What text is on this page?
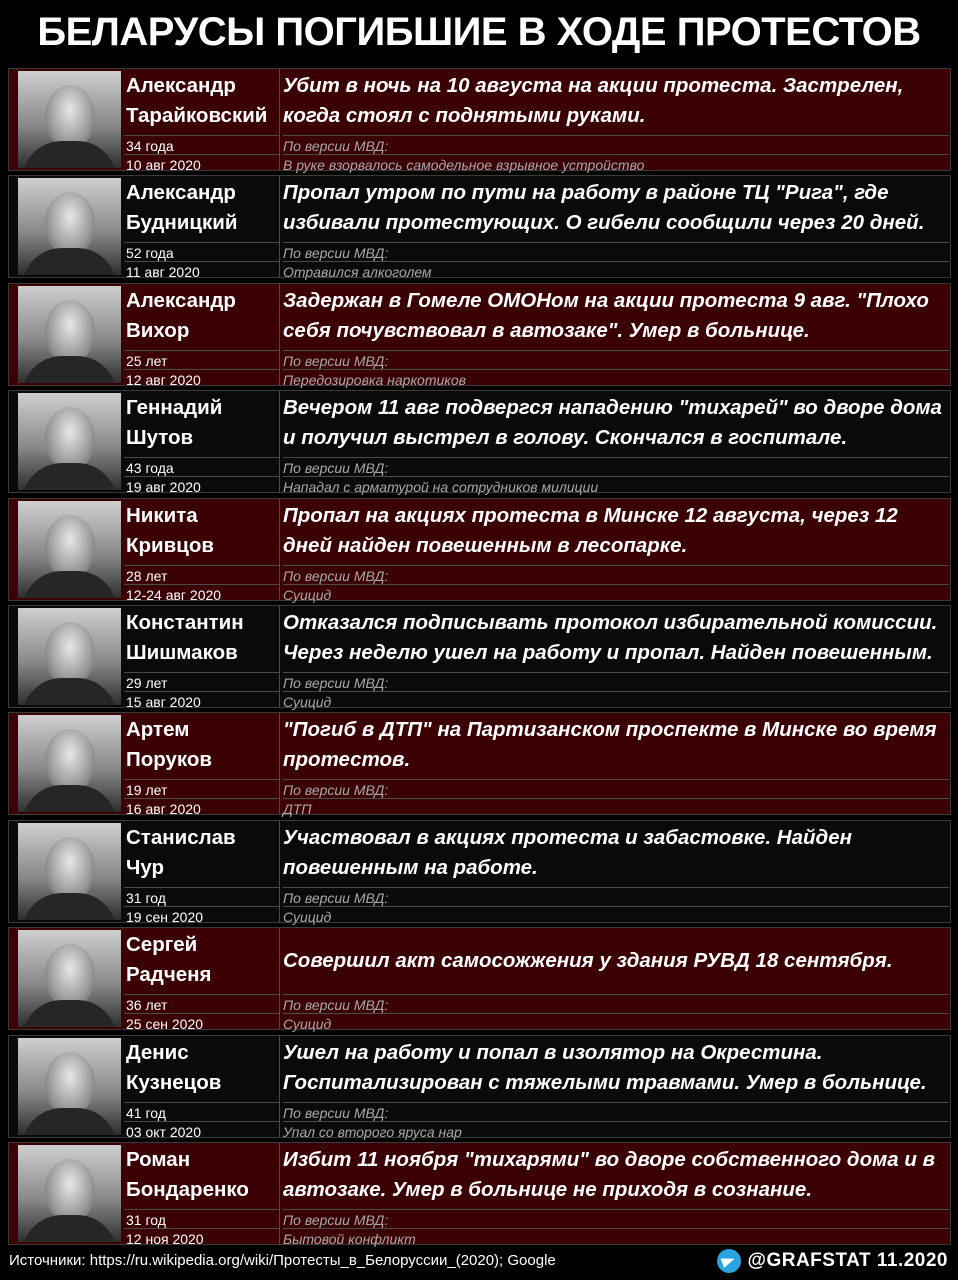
БЕЛАРУСЫ ПОГИБШИЕ В ХОДЕ ПРОТЕСТОВ
Александр
Тарайковский
34 года
10 авг 2020
Убит в ночь на 10 августа на акции протеста. Застрелен, когда стоял с поднятыми руками.
По версии МВД:
В руке взорвалось самодельное взрывное устройство
Александр
Будницкий
52 года
11 авг 2020
Пропал утром по пути на работу в районе ТЦ "Рига", где избивали протестующих. О гибели сообщили через 20 дней.
По версии МВД:
Отравился алкоголем
Александр
Вихор
25 лет
12 авг 2020
Задержан в Гомеле ОМОНом на акции протеста 9 авг. "Плохо себя почувствовал в автозаке". Умер в больнице.
По версии МВД:
Передозировка наркотиков
Геннадий
Шутов
43 года
19 авг 2020
Вечером 11 авг подвергся нападению "тихарей" во дворе дома и получил выстрел в голову. Скончался в госпитале.
По версии МВД:
Нападал с арматурой на сотрудников милиции
Никита
Кривцов
28 лет
12-24 авг 2020
Пропал на акциях протеста в Минске 12 августа, через 12 дней найден повешенным в лесопарке.
По версии МВД:
Суицид
Константин
Шишмаков
29 лет
15 авг 2020
Отказался подписывать протокол избирательной комиссии. Через неделю ушел на работу и пропал. Найден повешенным.
По версии МВД:
Суицид
Артем
Поруков
19 лет
16 авг 2020
"Погиб в ДТП" на Партизанском проспекте в Минске во время протестов.
По версии МВД:
ДТП
Станислав
Чур
31 год
19 сен 2020
Участвовал в акциях протеста и забастовке. Найден повешенным на работе.
По версии МВД:
Суицид
Сергей
Радченя
36 лет
25 сен 2020
Совершил акт самосожжения у здания РУВД 18 сентября.
По версии МВД:
Суицид
Денис
Кузнецов
41 год
03 окт 2020
Ушел на работу и попал в изолятор на Окрестина. Госпитализирован с тяжелыми травмами. Умер в больнице.
По версии МВД:
Упал со второго яруса нар
Роман
Бондаренко
31 год
12 ноя 2020
Избит 11 ноября "тихарями" во дворе собственного дома и в автозаке. Умер в больнице не приходя в сознание.
По версии МВД:
Бытовой конфликт
Источники: https://ru.wikipedia.org/wiki/Протесты_в_Белоруссии_(2020); Google	@GRAFSTAT 11.2020
